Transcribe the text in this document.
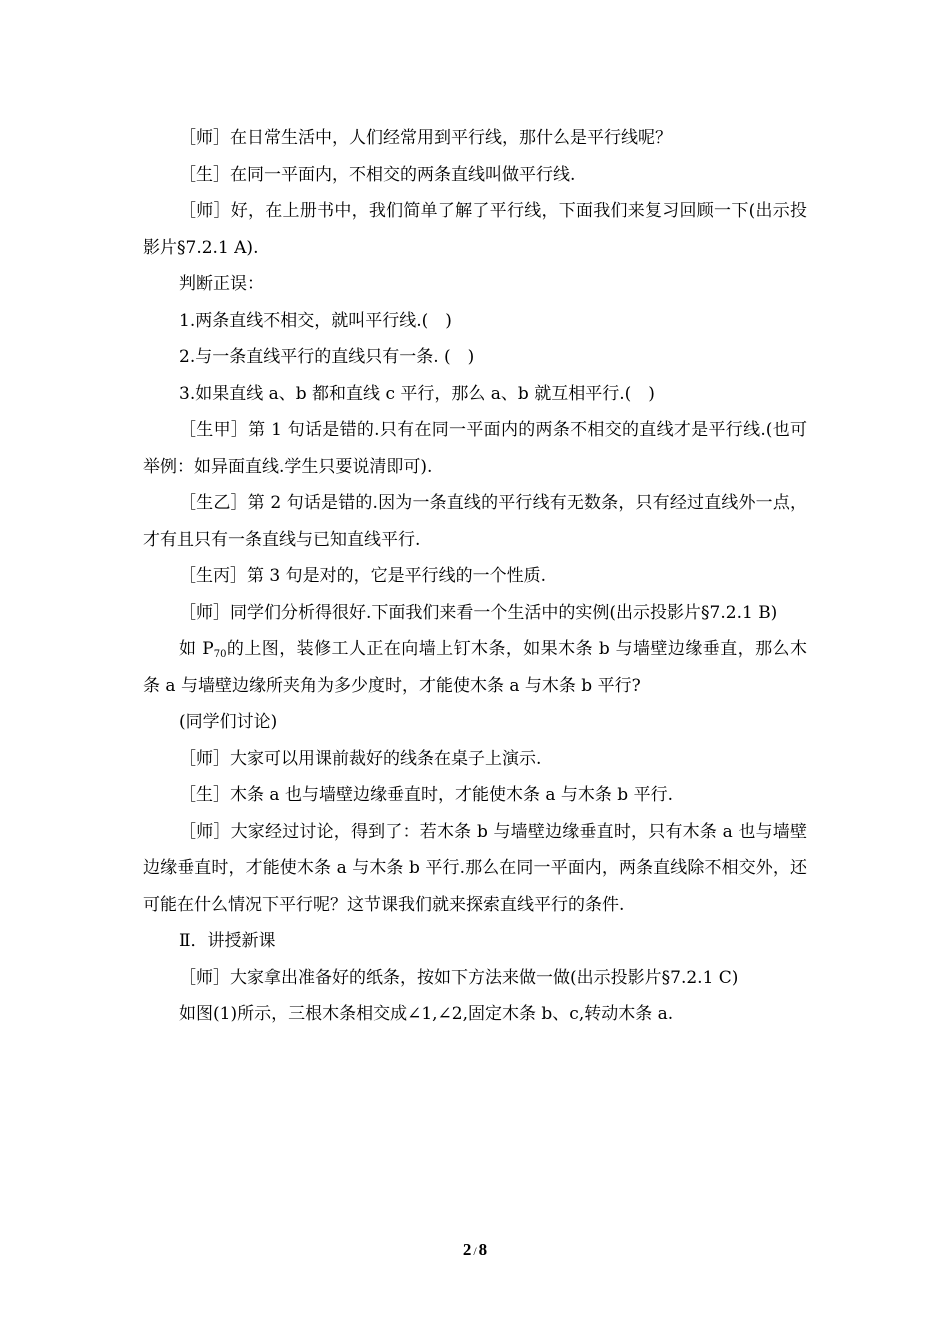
［师］在日常生活中，人们经常用到平行线，那什么是平行线呢？

［生］在同一平面内，不相交的两条直线叫做平行线.

［师］好，在上册书中，我们简单了解了平行线，下面我们来复习回顾一下(出示投影片§7.2.1 A).

判断正误：

1.两条直线不相交，就叫平行线.(　)

2.与一条直线平行的直线只有一条. (　)

3.如果直线 a、b 都和直线 c 平行，那么 a、b 就互相平行.(　)

［生甲］第 1 句话是错的.只有在同一平面内的两条不相交的直线才是平行线.(也可举例：如异面直线.学生只要说清即可).

［生乙］第 2 句话是错的.因为一条直线的平行线有无数条，只有经过直线外一点，才有且只有一条直线与已知直线平行.

［生丙］第 3 句是对的，它是平行线的一个性质.

［师］同学们分析得很好.下面我们来看一个生活中的实例(出示投影片§7.2.1 B)

如 $P_{70}$的上图，装修工人正在向墙上钉木条，如果木条 b 与墙壁边缘垂直，那么木条 a 与墙壁边缘所夹角为多少度时，才能使木条 a 与木条 b 平行?

(同学们讨论)

［师］大家可以用课前裁好的线条在桌子上演示.

［生］木条 a 也与墙壁边缘垂直时，才能使木条 a 与木条 b 平行.

［师］大家经过讨论，得到了：若木条 b 与墙壁边缘垂直时，只有木条 a 也与墙壁边缘垂直时，才能使木条 a 与木条 b 平行.那么在同一平面内，两条直线除不相交外，还可能在什么情况下平行呢？这节课我们就来探索直线平行的条件.

Ⅱ．讲授新课

［师］大家拿出准备好的纸条，按如下方法来做一做(出示投影片§7.2.1 C)

如图(1)所示，三根木条相交成∠1,∠2,固定木条 b、c,转动木条 a.

2 / 8
